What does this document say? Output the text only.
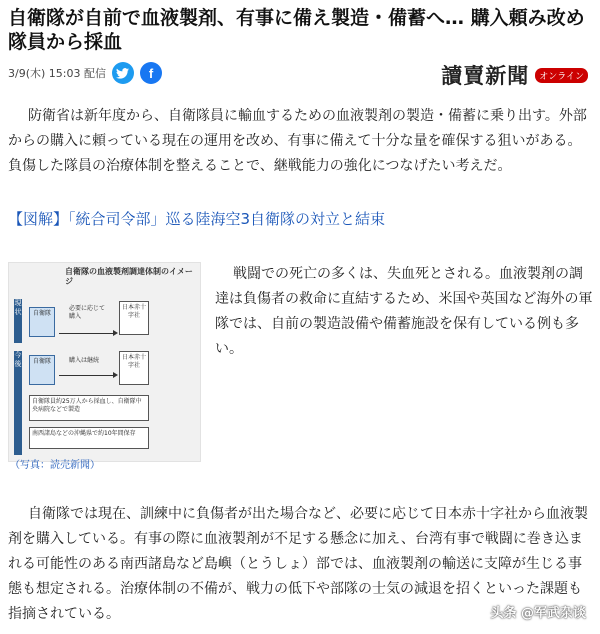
自衛隊が自前で血液製剤、有事に備え製造・備蓄へ… 購入頼み改め隊員から採血
3/9(木) 15:03 配信	f	讀賣新聞	オンライン

防衛省は新年度から、自衛隊員に輸血するための血液製剤の製造・備蓄に乗り出す。外部からの購入に頼っている現在の運用を改め、有事に備えて十分な量を確保する狙いがある。負傷した隊員の治療体制を整えることで、継戦能力の強化につなげたい考えだ。

【図解】「統合司令部」巡る陸海空3自衛隊の対立と結束
自衛隊の血液製剤調達体制のイメージ
現状	自衛隊
日本赤十字社
必要に応じて購入
今後	自衛隊
日本赤十字社
購入は継続
自衛隊員約25万人から採血し、自衛隊中央病院などで製造
南西諸島などの沖縄県で約10年間保存
（写真：読売新聞）

戦闘での死亡の多くは、失血死とされる。血液製剤の調達は負傷者の救命に直結するため、米国や英国など海外の軍隊では、自前の製造設備や備蓄施設を保有している例も多い。

自衛隊では現在、訓練中に負傷者が出た場合など、必要に応じて日本赤十字社から血液製剤を購入している。有事の際に血液製剤が不足する懸念に加え、台湾有事で戦闘に巻き込まれる可能性のある南西諸島など島嶼（とうしょ）部では、血液製剤の輸送に支障が生じる事態も想定される。治療体制の不備が、戦力の低下や部隊の士気の減退を招くといった課題も指摘されている。	头条 @军武杂谈
